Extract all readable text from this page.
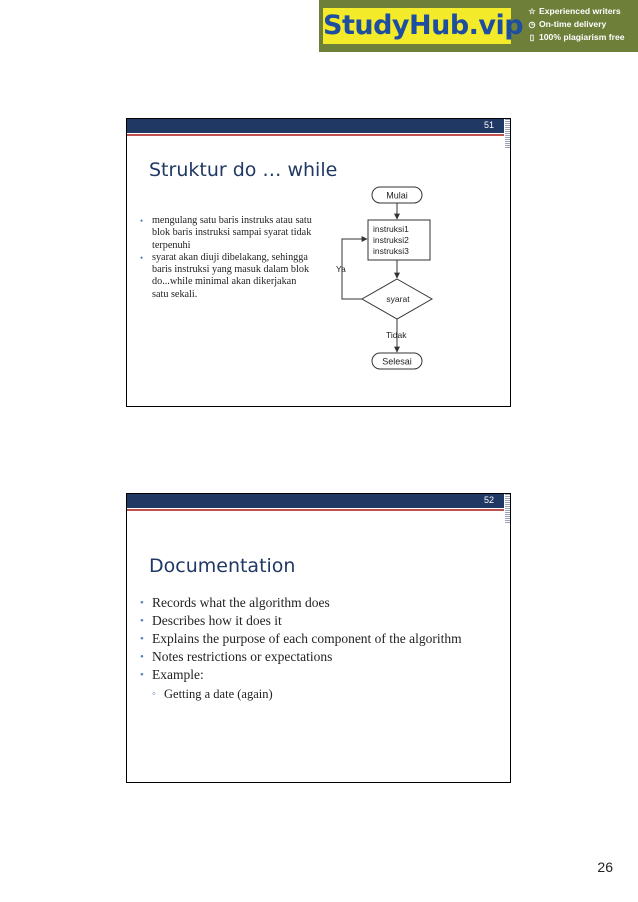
StudyHub.vip ☆ Experienced writers
◷ On-time delivery
▯ 100% plagiarism free
51
Struktur do … while
• mengulang satu baris instruks atau satu blok baris instruksi sampai syarat tidak terpenuhi
• syarat akan diuji dibelakang, sehingga baris instruksi yang masuk dalam blok do...while minimal akan dikerjakan satu sekali.
Mulai
instruksi1
instruksi2
instruksi3
syarat
Ya
Tidak
Selesai
52
Documentation
• Records what the algorithm does
• Describes how it does it
• Explains the purpose of each component of the algorithm
• Notes restrictions or expectations
• Example:
◦ Getting a date (again)
26
